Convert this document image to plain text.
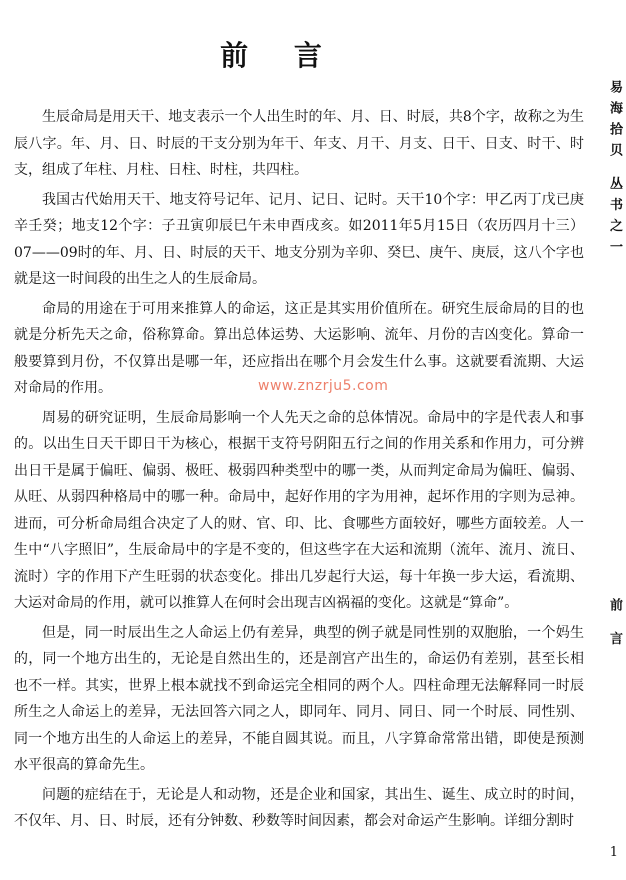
前 言

生辰命局是用天干、地支表示一个人出生时的年、月、日、时辰，共8个字，故称之为生辰八字。年、月、日、时辰的干支分别为年干、年支、月干、月支、日干、日支、时干、时支，组成了年柱、月柱、日柱、时柱，共四柱。

我国古代始用天干、地支符号记年、记月、记日、记时。天干10个字：甲乙丙丁戊已庚辛壬癸；地支12个字：子丑寅卯辰巳午未申酉戌亥。如2011年5月15日（农历四月十三）07——09时的年、月、日、时辰的天干、地支分别为辛卯、癸巳、庚午、庚辰，这八个字也就是这一时间段的出生之人的生辰命局。

命局的用途在于可用来推算人的命运，这正是其实用价值所在。研究生辰命局的目的也就是分析先天之命，俗称算命。算出总体运势、大运影响、流年、月份的吉凶变化。算命一般要算到月份，不仅算出是哪一年，还应指出在哪个月会发生什么事。这就要看流期、大运对命局的作用。

周易的研究证明，生辰命局影响一个人先天之命的总体情况。命局中的字是代表人和事的。以出生日天干即日干为核心，根据干支符号阴阳五行之间的作用关系和作用力，可分辨出日干是属于偏旺、偏弱、极旺、极弱四种类型中的哪一类，从而判定命局为偏旺、偏弱、从旺、从弱四种格局中的哪一种。命局中，起好作用的字为用神，起坏作用的字则为忌神。进而，可分析命局组合决定了人的财、官、印、比、食哪些方面较好，哪些方面较差。人一生中“八字照旧”，生辰命局中的字是不变的，但这些字在大运和流期（流年、流月、流日、流时）字的作用下产生旺弱的状态变化。排出几岁起行大运，每十年换一步大运，看流期、大运对命局的作用，就可以推算人在何时会出现吉凶祸福的变化。这就是“算命”。

但是，同一时辰出生之人命运上仍有差异，典型的例子就是同性别的双胞胎，一个妈生的，同一个地方出生的，无论是自然出生的，还是剖宫产出生的，命运仍有差别，甚至长相也不一样。其实，世界上根本就找不到命运完全相同的两个人。四柱命理无法解释同一时辰所生之人命运上的差异，无法回答六同之人，即同年、同月、同日、同一个时辰、同性别、同一个地方出生的人命运上的差异，不能自圆其说。而且，八字算命常常出错，即使是预测水平很高的算命先生。

问题的症结在于，无论是人和动物，还是企业和国家，其出生、诞生、成立时的时间，不仅年、月、日、时辰，还有分钟数、秒数等时间因素，都会对命运产生影响。详细分割时

www.znzrju5.com
易海拾贝 丛书之一
前 言
1
